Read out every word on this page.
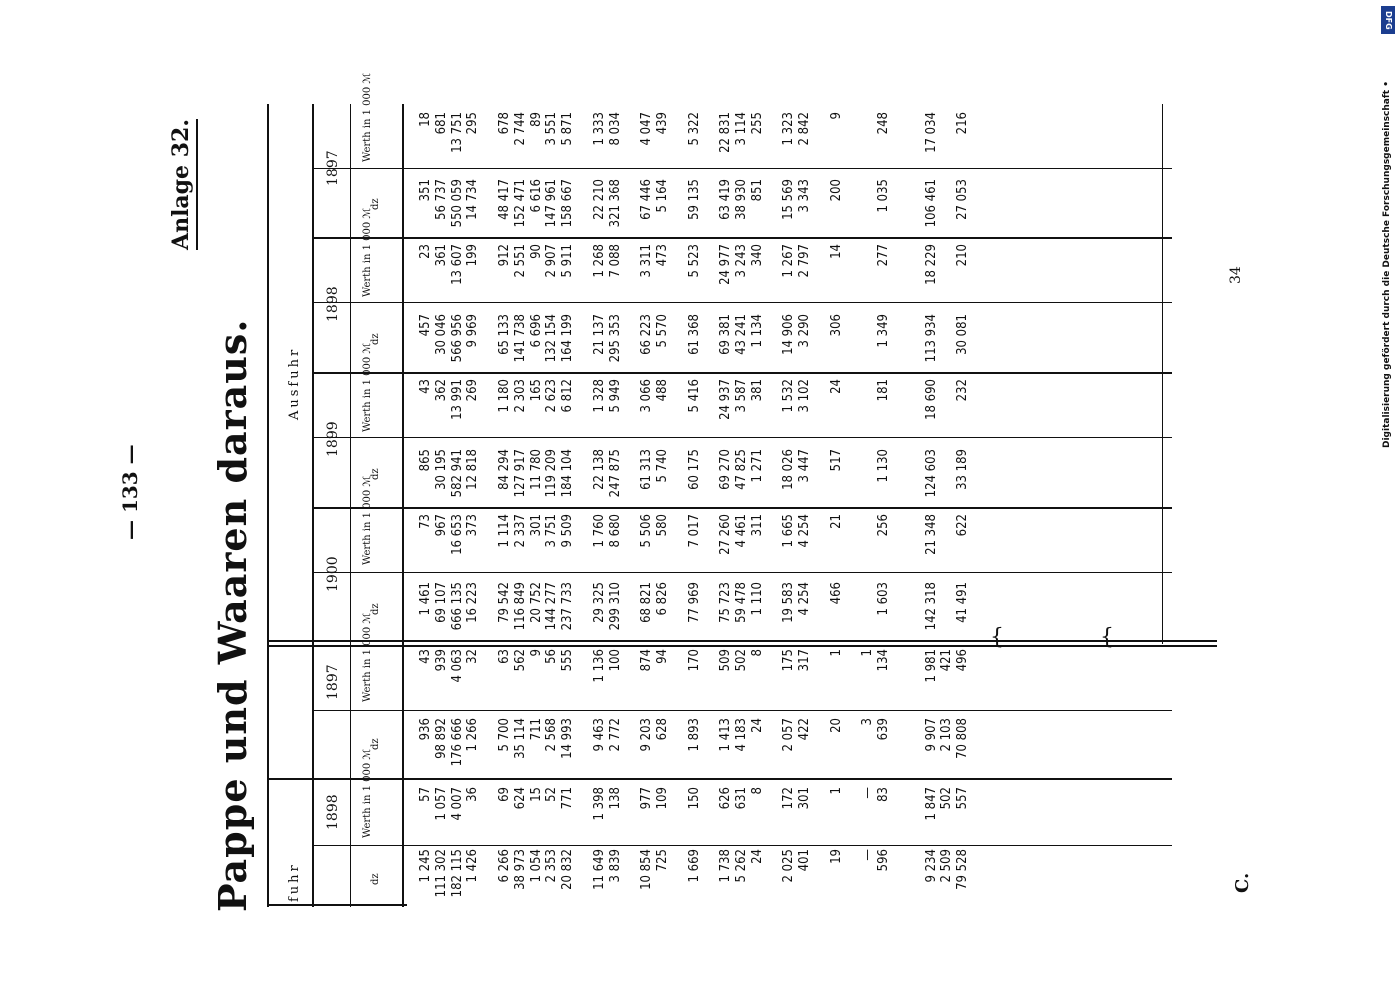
Pappe und Waaren daraus.
— 133 —
Anlage 32.
34
C.
Digitalisierung gefördert durch die Deutsche Forschungsgemeinschaft •
DFG
fuhr
Ausfuhr
1898
1897
1900
1899
1898
1897
dz
Werth in 1 000 ℳ
dz
Werth in 1 000 ℳ
dz
Werth in 1 000 ℳ
dz
Werth in 1 000 ℳ
dz
Werth in 1 000 ℳ
dz
Werth in 1 000 ℳ
1 245 111 302 182 115 1 426 6 266 38 973 1 054 2 353 20 832 11 649 3 839 10 854 725 1 669 1 738 5 262 24 2 025 401 19 — 596 9 234 2 509 79 528
57 1 057 4 007 36 69 624 15 52 771 1 398 138 977 109 150 626 631 8 172 301 1 — 83 1 847 502 557
936 98 892 176 666 1 266 5 700 35 114 711 2 568 14 993 9 463 2 772 9 203 628 1 893 1 413 4 183 24 2 057 422 20 3 639 9 907 2 103 70 808
43 939 4 063 32 63 562 9 56 555 1 136 100 874 94 170 509 502 8 175 317 1 1 134 1 981 421 496
1 461 69 107 666 135 16 223 79 542 116 849 20 752 144 277 237 733 29 325 299 310 68 821 6 826 77 969 75 723 59 478 1 110 19 583 4 254 466 1 603 142 318 41 491
73 967 16 653 373 1 114 2 337 301 3 751 9 509 1 760 8 680 5 506 580 7 017 27 260 4 461 311 1 665 4 254 21 256 21 348 622
865 30 195 582 941 12 818 84 294 127 917 11 780 119 209 184 104 22 138 247 875 61 313 5 740 60 175 69 270 47 825 1 271 18 026 3 447 517 1 130 124 603 33 189
43 362 13 991 269 1 180 2 303 165 2 623 6 812 1 328 5 949 3 066 488 5 416 24 937 3 587 381 1 532 3 102 24 181 18 690 232
457 30 046 566 956 9 969 65 133 141 738 6 696 132 154 164 199 21 137 295 353 66 223 5 570 61 368 69 381 43 241 1 134 14 906 3 290 306 1 349 113 934 30 081
23 361 13 607 199 912 2 551 90 2 907 5 911 1 268 7 088 3 311 473 5 523 24 977 3 243 340 1 267 2 797 14 277 18 229 210
351 56 737 550 059 14 734 48 417 152 471 6 616 147 961 158 667 22 210 321 368 67 446 5 164 59 135 63 419 38 930 851 15 569 3 343 200 1 035 106 461 27 053
18 681 13 751 295 678 2 744 89 3 551 5 871 1 333 8 034 4 047 439 5 322 22 831 3 114 255 1 323 2 842 9 248 17 034 216
{
{
